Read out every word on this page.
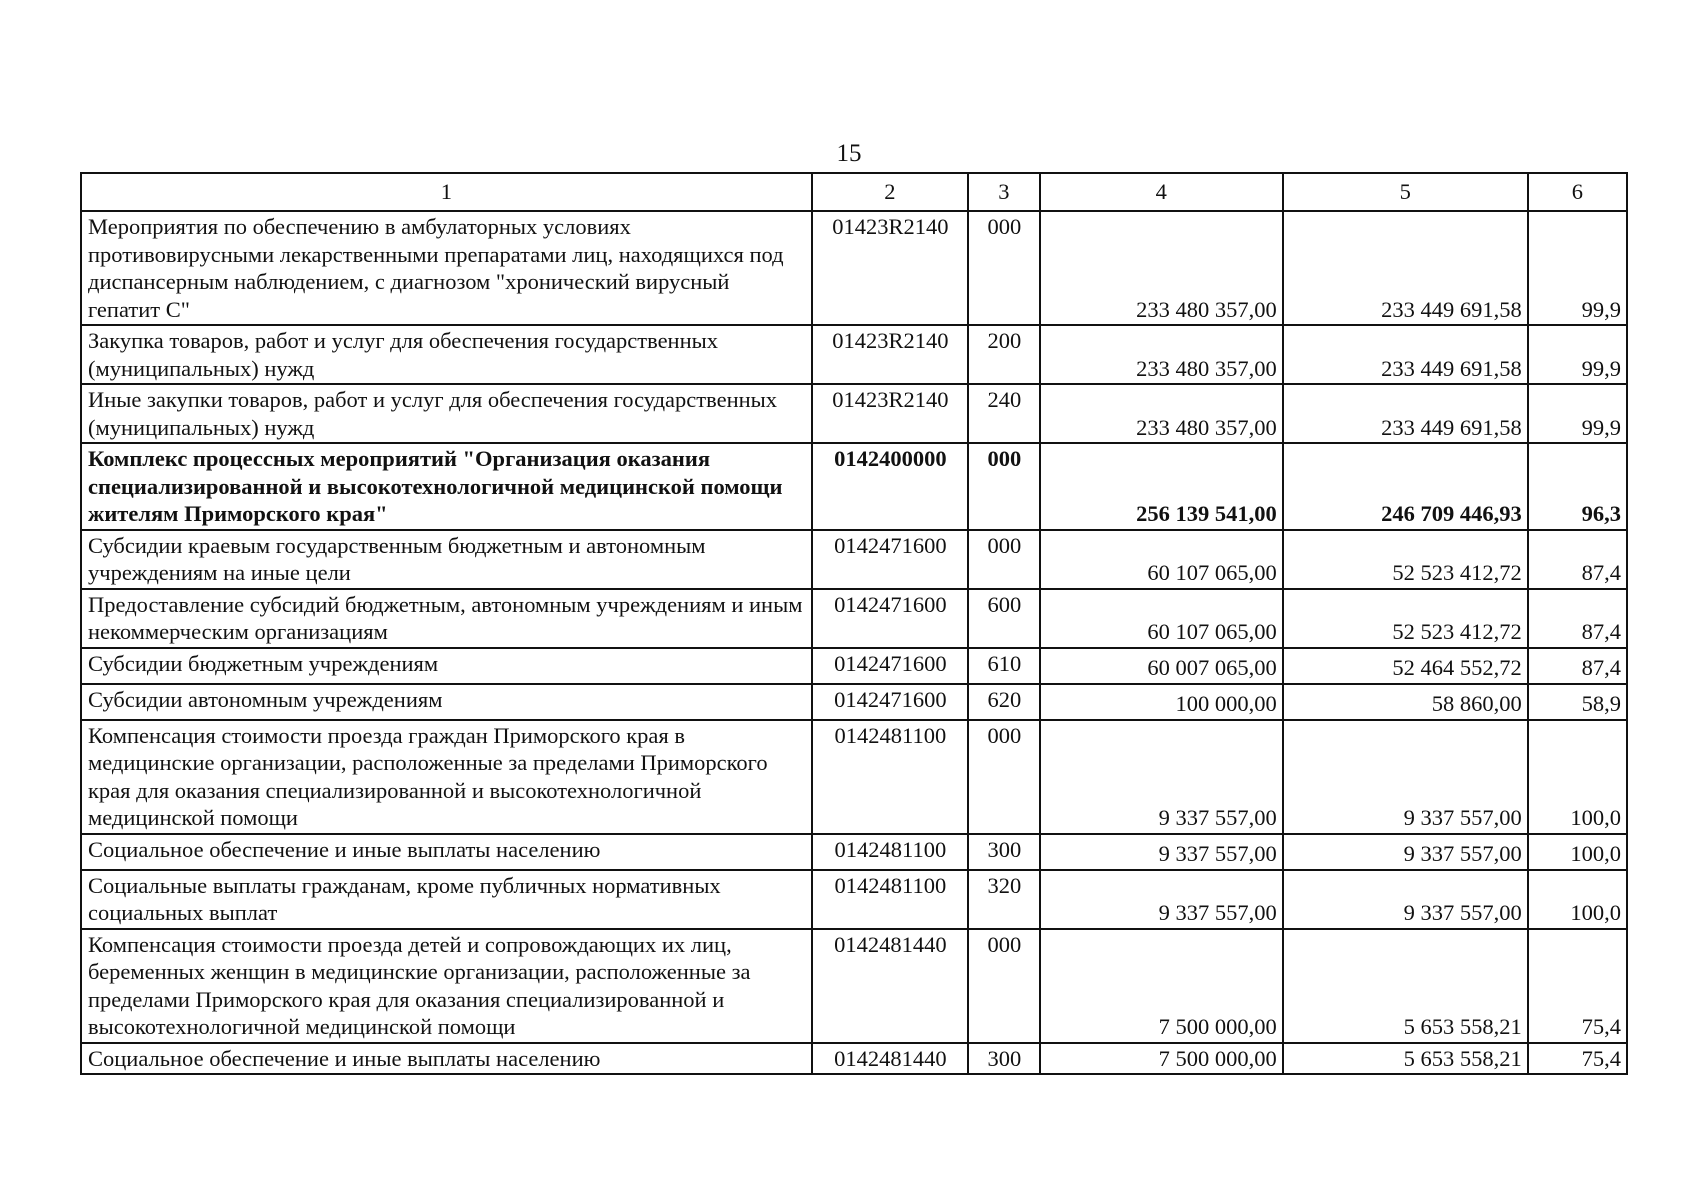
15
1	2	3	4	5	6
Мероприятия по обеспечению в амбулаторных условиях противовирусными лекарственными препаратами лиц, находящихся под диспансерным наблюдением, с диагнозом "хронический вирусный гепатит С"	01423R2140	000	233 480 357,00	233 449 691,58	99,9
Закупка товаров, работ и услуг для обеспечения государственных (муниципальных) нужд	01423R2140	200	233 480 357,00	233 449 691,58	99,9
Иные закупки товаров, работ и услуг для обеспечения государственных (муниципальных) нужд	01423R2140	240	233 480 357,00	233 449 691,58	99,9
Комплекс процессных мероприятий "Организация оказания специализированной и высокотехнологичной медицинской помощи жителям Приморского края"	0142400000	000	256 139 541,00	246 709 446,93	96,3
Субсидии краевым государственным бюджетным и автономным учреждениям на иные цели	0142471600	000	60 107 065,00	52 523 412,72	87,4
Предоставление субсидий бюджетным, автономным учреждениям и иным некоммерческим организациям	0142471600	600	60 107 065,00	52 523 412,72	87,4
Субсидии бюджетным учреждениям	0142471600	610	60 007 065,00	52 464 552,72	87,4
Субсидии автономным учреждениям	0142471600	620	100 000,00	58 860,00	58,9
Компенсация стоимости проезда граждан Приморского края в медицинские организации, расположенные за пределами Приморского края для оказания специализированной и высокотехнологичной медицинской помощи	0142481100	000	9 337 557,00	9 337 557,00	100,0
Социальное обеспечение и иные выплаты населению	0142481100	300	9 337 557,00	9 337 557,00	100,0
Социальные выплаты гражданам, кроме публичных нормативных социальных выплат	0142481100	320	9 337 557,00	9 337 557,00	100,0
Компенсация стоимости проезда детей и сопровождающих их лиц, беременных женщин в медицинские организации, расположенные за пределами Приморского края для оказания специализированной и высокотехнологичной медицинской помощи	0142481440	000	7 500 000,00	5 653 558,21	75,4
Социальное обеспечение и иные выплаты населению	0142481440	300	7 500 000,00	5 653 558,21	75,4
